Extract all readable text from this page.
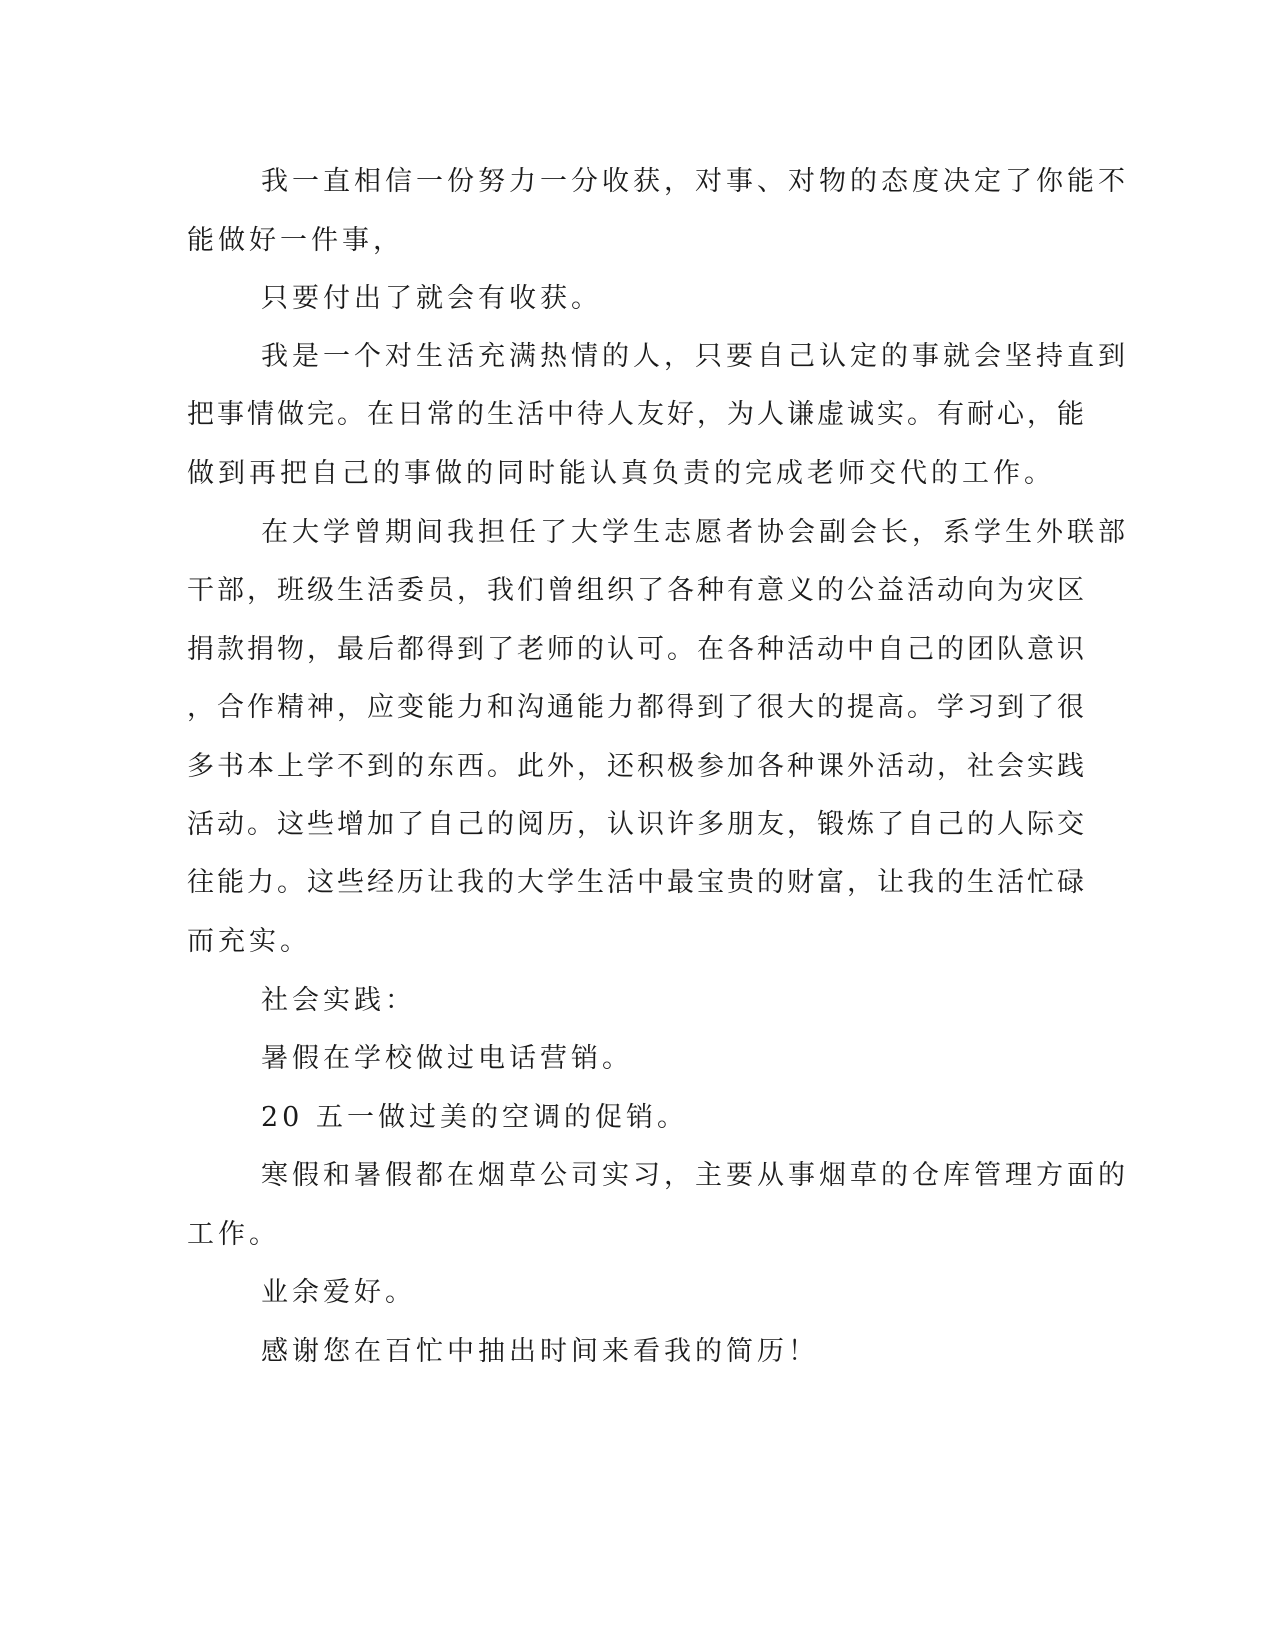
我一直相信一份努力一分收获，对事、对物的态度决定了你能不
能做好一件事，
只要付出了就会有收获。
我是一个对生活充满热情的人，只要自己认定的事就会坚持直到
把事情做完。在日常的生活中待人友好，为人谦虚诚实。有耐心，能
做到再把自己的事做的同时能认真负责的完成老师交代的工作。
在大学曾期间我担任了大学生志愿者协会副会长，系学生外联部
干部，班级生活委员，我们曾组织了各种有意义的公益活动向为灾区
捐款捐物，最后都得到了老师的认可。在各种活动中自己的团队意识
，合作精神，应变能力和沟通能力都得到了很大的提高。学习到了很
多书本上学不到的东西。此外，还积极参加各种课外活动，社会实践
活动。这些增加了自己的阅历，认识许多朋友，锻炼了自己的人际交
往能力。这些经历让我的大学生活中最宝贵的财富，让我的生活忙碌
而充实。
社会实践：
暑假在学校做过电话营销。
20 五一做过美的空调的促销。
寒假和暑假都在烟草公司实习，主要从事烟草的仓库管理方面的
工作。
业余爱好。
感谢您在百忙中抽出时间来看我的简历！
